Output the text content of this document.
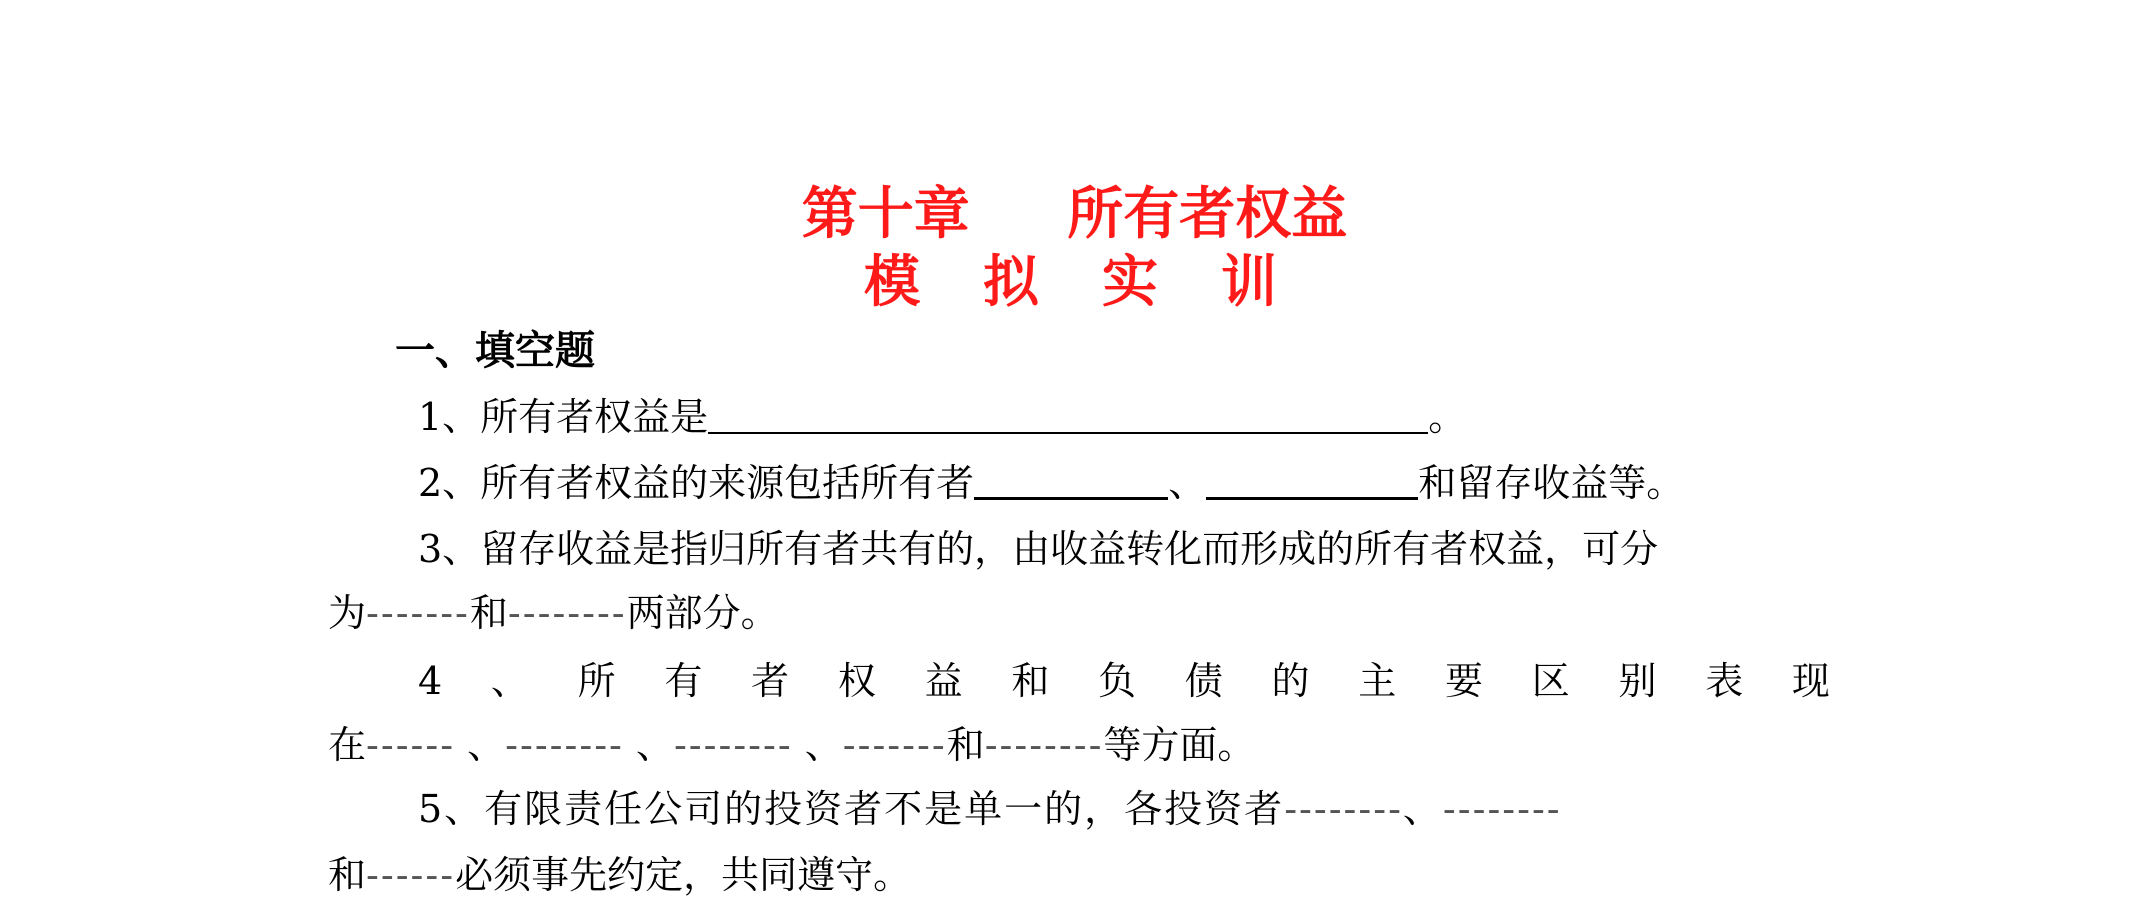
第十章     所有者权益
模  拟  实  训
一、填空题
1、所有者权益是	。
2、所有者权益的来源包括所有者	、	和留存收益等。
3、留存收益是指归所有者共有的，由收益转化而形成的所有者权益，可分
为-------和--------两部分。
4 、 所 有 者 权 益 和 负 债 的 主 要 区 别 表 现
在------ 、-------- 、-------- 、-------和--------等方面。
5、有限责任公司的投资者不是单一的，各投资者--------、--------
和------必须事先约定，共同遵守。
